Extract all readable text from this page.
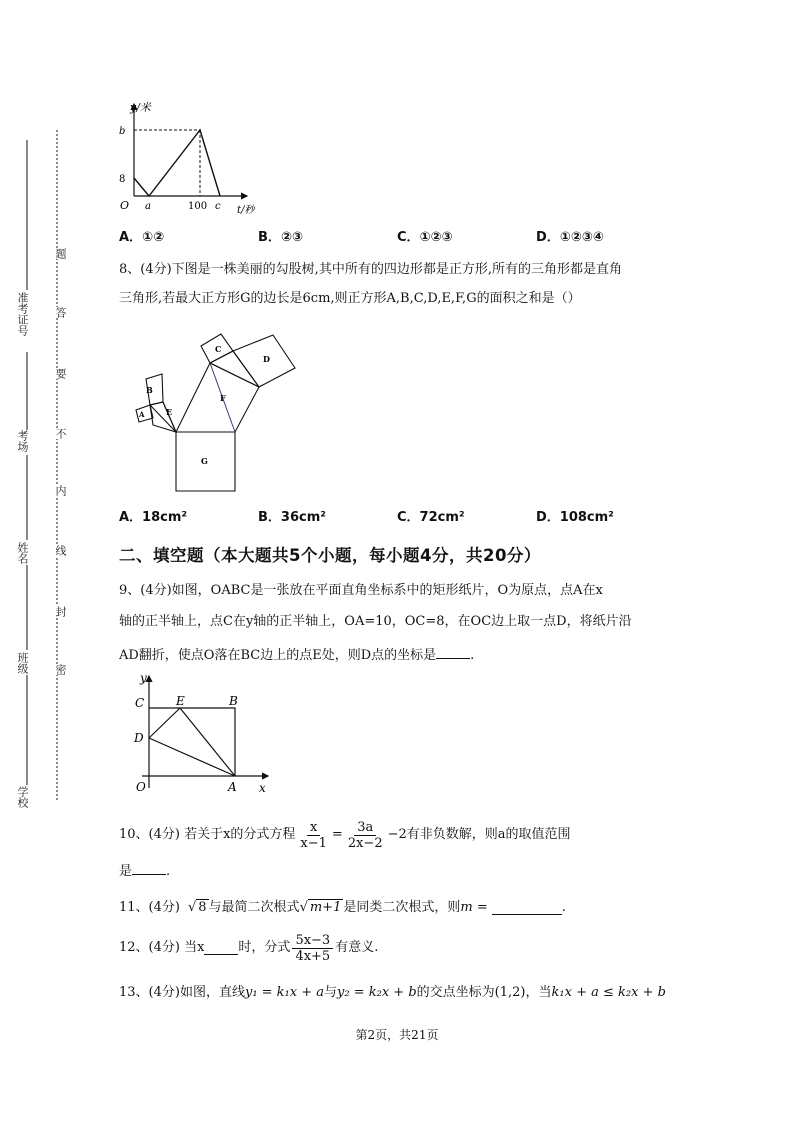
学校
班级
姓名
考场
准考证号
密
封
线
内
不
要
答
题
y/米
b
8
O a	100 c t/秒
A．①②	B．②③	C．①②③	D．①②③④
8、(4分)下图是一株美丽的勾股树,其中所有的四边形都是正方形,所有的三角形都是直角
三角形,若最大正方形G的边长是6cm,则正方形A,B,C,D,E,F,G的面积之和是（）
C
D
B
A	E
F
G
A．18cm²	B．36cm²	C．72cm²	D．108cm²
二、填空题（本大题共5个小题，每小题4分，共20分）
9、(4分)如图，OABC是一张放在平面直角坐标系中的矩形纸片，O为原点，点A在x
轴的正半轴上，点C在y轴的正半轴上，OA=10，OC=8，在OC边上取一点D，将纸片沿
AD翻折，使点O落在BC边上的点E处，则D点的坐标是	.
y
C	E	B
D
O	A x
10、(4分) 若关于x的分式方程 $\frac{x}{x-1} = \frac{3a}{2x-2} -2$ 有非负数解，则a的取值范围
是	.
11、(4分) √ 8 与最简二次根式 √ m+1 是同类二次根式，则 m =	.
12、(4分) 当x	时，分式 $\frac{5x-3}{4x+5}$ 有意义.
13、(4分)如图，直线 y₁ = k₁x + a 与 y₂ = k₂x + b 的交点坐标为 (1,2) ，当 k₁x + a ≤ k₂x + b
第2页，共21页
